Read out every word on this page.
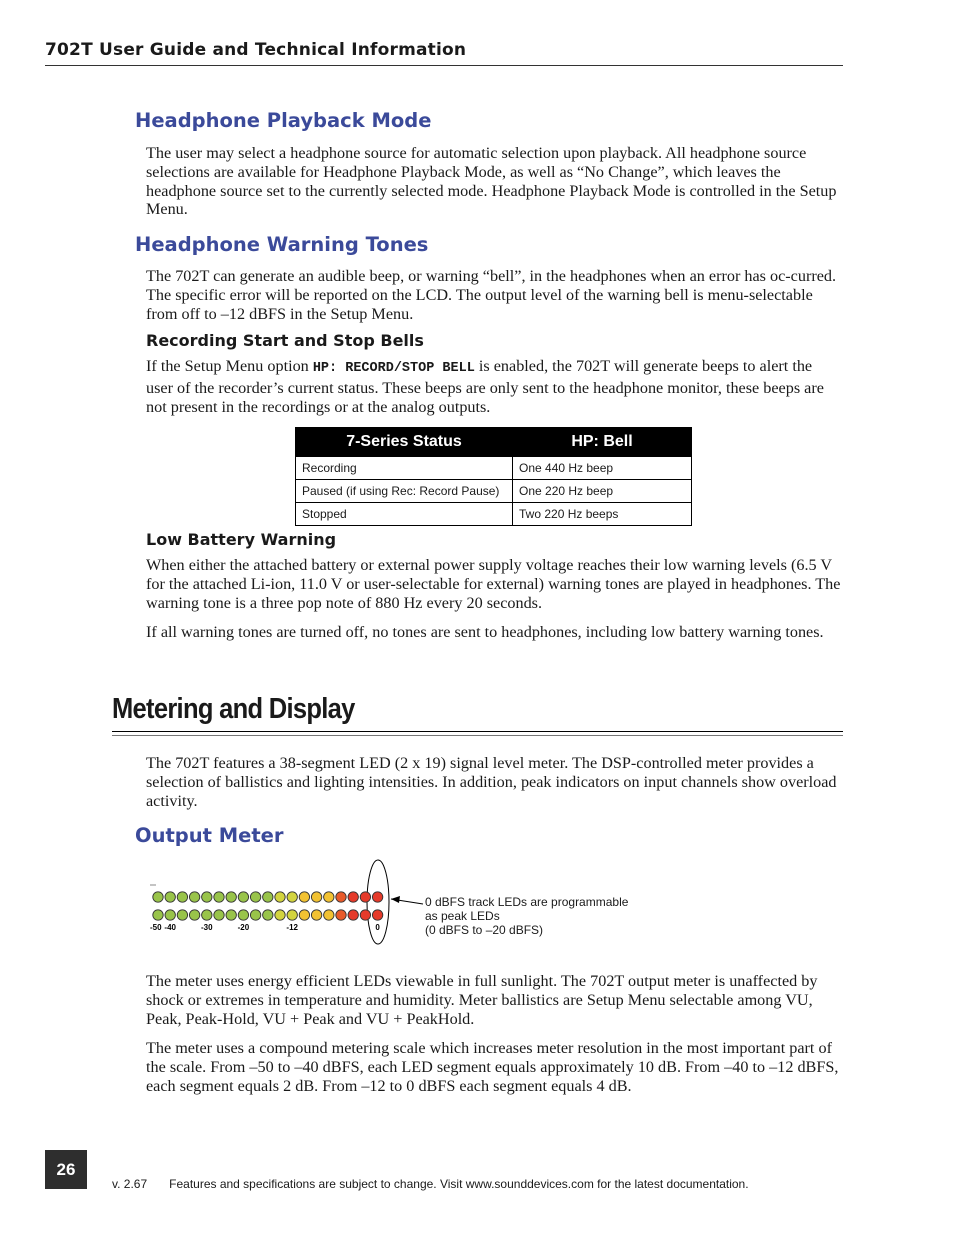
702T User Guide and Technical Information
Headphone Playback Mode

The user may select a headphone source for automatic selection upon playback. All headphone source selections are available for Headphone Playback Mode, as well as “No Change”, which leaves the headphone source set to the currently selected mode. Headphone Playback Mode is controlled in the Setup Menu.

Headphone Warning Tones

The 702T can generate an audible beep, or warning “bell”, in the headphones when an error has oc-curred. The specific error will be reported on the LCD. The output level of the warning bell is menu-selectable from off to –12 dBFS in the Setup Menu.

Recording Start and Stop Bells

If the Setup Menu option HP: RECORD/STOP BELL is enabled, the 702T will generate beeps to alert the user of the recorder’s current status. These beeps are only sent to the headphone monitor, these beeps are not present in the recordings or at the analog outputs.

7-Series Status	HP: Bell
Recording	One 440 Hz beep
Paused (if using Rec: Record Pause)	One 220 Hz beep
Stopped	Two 220 Hz beeps
Low Battery Warning

When either the attached battery or external power supply voltage reaches their low warning levels (6.5 V for the attached Li-ion, 11.0 V or user-selectable for external) warning tones are played in headphones. The warning tone is a three pop note of 880 Hz every 20 seconds.

If all warning tones are turned off, no tones are sent to headphones, including low battery warning tones.

Metering and Display

The 702T features a 38-segment LED (2 x 19) signal level meter. The DSP-controlled meter provides a selection of ballistics and lighting intensities. In addition, peak indicators on input channels show overload activity.

Output Meter
-50 -40	-30	-20	-12	0
0 dBFS track LEDs are programmable
as peak LEDs
(0 dBFS to –20 dBFS)

The meter uses energy efficient LEDs viewable in full sunlight. The 702T output meter is unaffected by shock or extremes in temperature and humidity. Meter ballistics are Setup Menu selectable among VU, Peak, Peak-Hold, VU + Peak and VU + PeakHold.

The meter uses a compound metering scale which increases meter resolution in the most important part of the scale. From –50 to –40 dBFS, each LED segment equals approximately 10 dB. From –40 to –12 dBFS, each segment equals 2 dB. From –12 to 0 dBFS each segment equals 4 dB.

26
v. 2.67 Features and specifications are subject to change. Visit www.sounddevices.com for the latest documentation.
